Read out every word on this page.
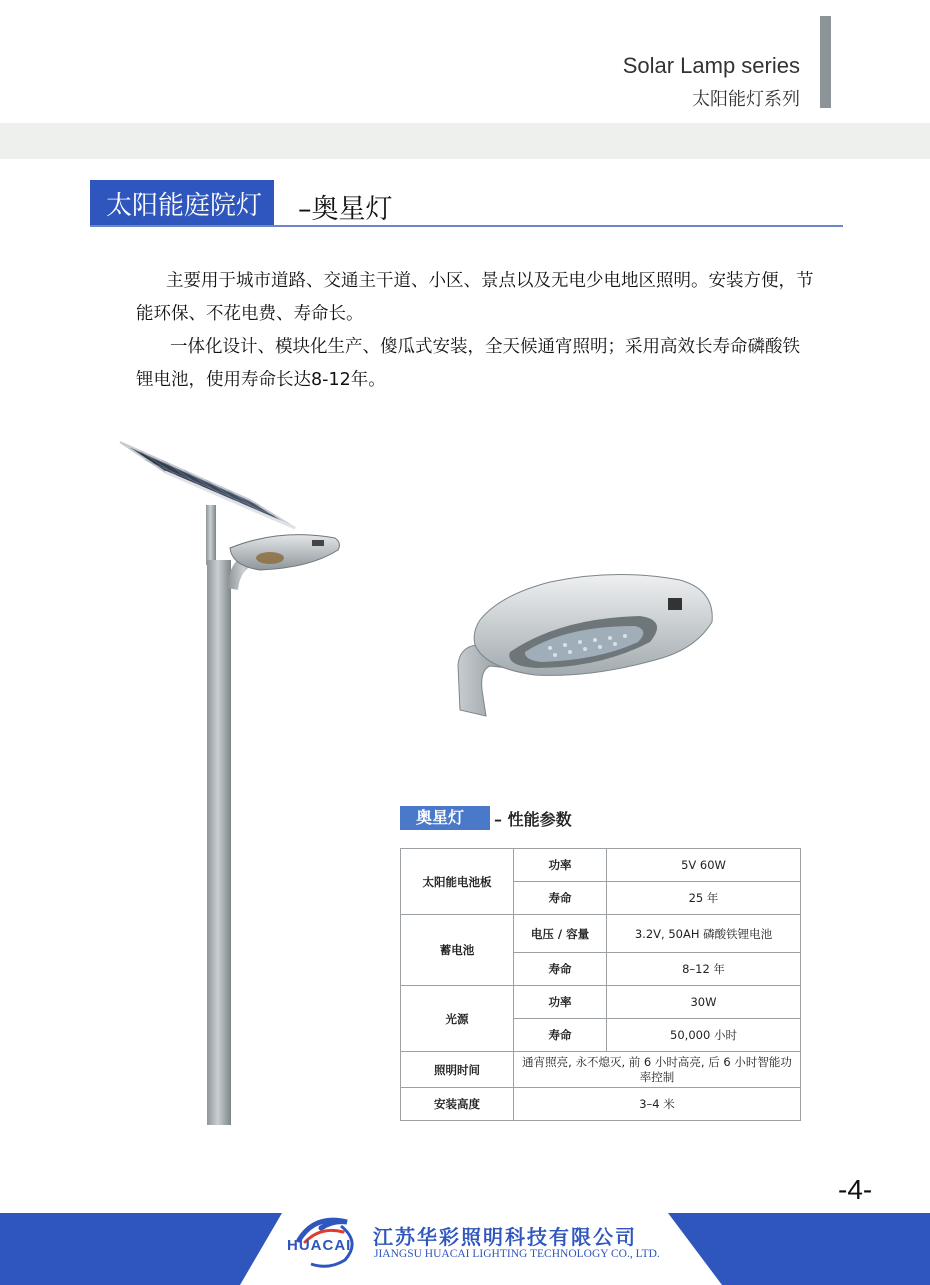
Solar Lamp series
太阳能灯系列
太阳能庭院灯 –奥星灯

主要用于城市道路、交通主干道、小区、景点以及无电少电地区照明。安装方便，节能环保、不花电费、寿命长。

一体化设计、模块化生产、傻瓜式安装，全天候通宵照明；采用高效长寿命磷酸铁锂电池，使用寿命长达8-12年。

奥星灯	– 性能参数
太阳能电池板	功率	5V 60W
	寿命	25 年
蓄电池	电压 / 容量	3.2V, 50AH 磷酸铁锂电池
	寿命	8–12 年
光源	功率	30W
	寿命	50,000 小时
照明时间	通宵照亮, 永不熄灭, 前 6 小时高亮, 后 6 小时智能功率控制	
安装高度	3–4 米	
-4-
HUACAI 江苏华彩照明科技有限公司
JIANGSU HUACAI LIGHTING TECHNOLOGY CO., LTD.
